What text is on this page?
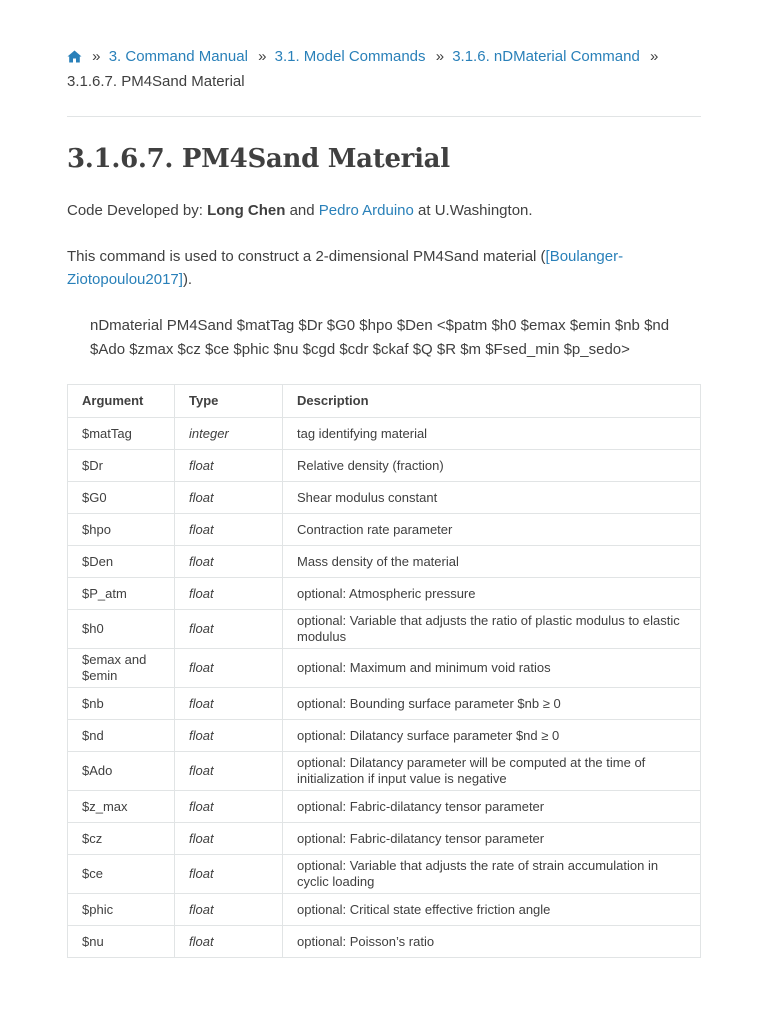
» 3. Command Manual » 3.1. Model Commands » 3.1.6. nDMaterial Command »
3.1.6.7. PM4Sand Material
3.1.6.7. PM4Sand Material

Code Developed by: Long Chen and Pedro Arduino at U.Washington.

This command is used to construct a 2-dimensional PM4Sand material ([Boulanger-Ziotopoulou2017]).

nDmaterial PM4Sand $matTag $Dr $G0 $hpo $Den <$patm $h0 $emax $emin $nb $nd $Ado $zmax $cz $ce $phic $nu $cgd $cdr $ckaf $Q $R $m $Fsed_min $p_sedo>
Argument	Type	Description
$matTag	integer	tag identifying material
$Dr	float	Relative density (fraction)
$G0	float	Shear modulus constant
$hpo	float	Contraction rate parameter
$Den	float	Mass density of the material
$P_atm	float	optional: Atmospheric pressure
$h0	float	optional: Variable that adjusts the ratio of plastic modulus to elastic modulus
$emax and $emin	float	optional: Maximum and minimum void ratios
$nb	float	optional: Bounding surface parameter $nb ≥ 0
$nd	float	optional: Dilatancy surface parameter $nd ≥ 0
$Ado	float	optional: Dilatancy parameter will be computed at the time of initialization if input value is negative
$z_max	float	optional: Fabric-dilatancy tensor parameter
$cz	float	optional: Fabric-dilatancy tensor parameter
$ce	float	optional: Variable that adjusts the rate of strain accumulation in cyclic loading
$phic	float	optional: Critical state effective friction angle
$nu	float	optional: Poisson’s ratio
